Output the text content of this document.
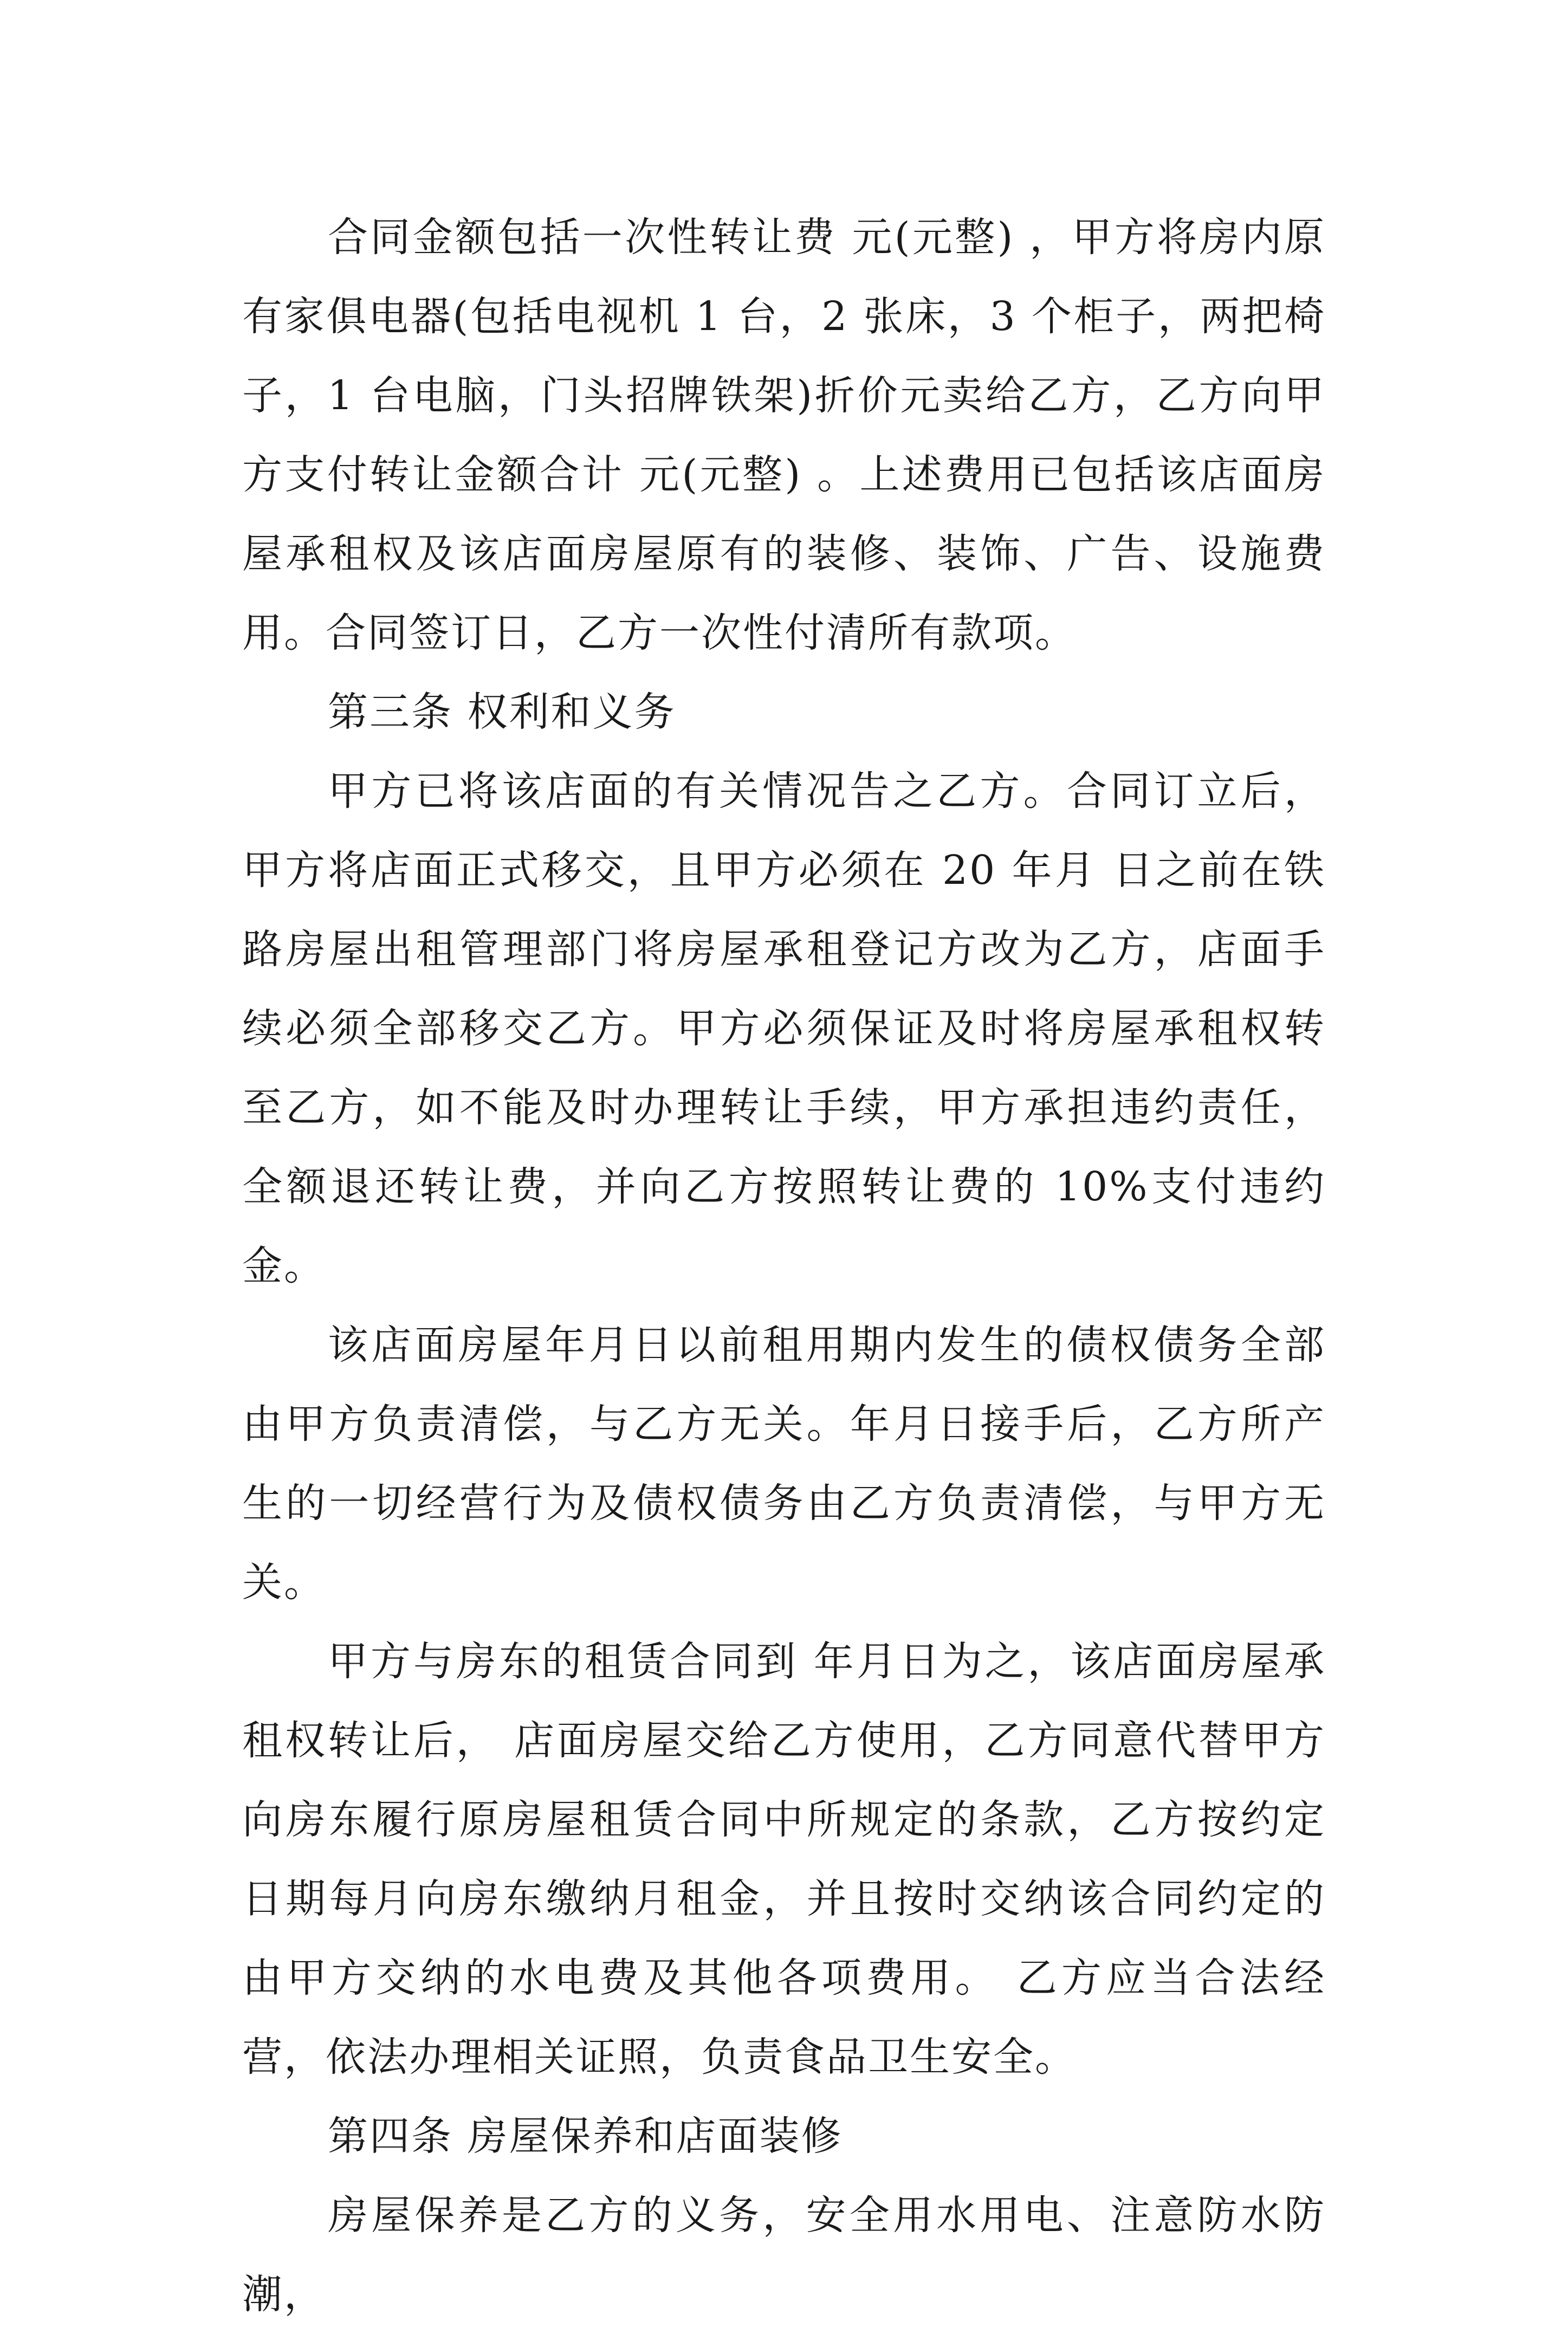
合同金额包括一次性转让费 元(元整) ，甲方将房内原有家俱电器(包括电视机 1 台，2 张床，3 个柜子，两把椅子，1 台电脑，门头招牌铁架)折价元卖给乙方，乙方向甲方支付转让金额合计 元(元整) 。上述费用已包括该店面房屋承租权及该店面房屋原有的装修、装饰、广告、设施费用。合同签订日，乙方一次性付清所有款项。

第三条 权利和义务

甲方已将该店面的有关情况告之乙方。合同订立后，甲方将店面正式移交，且甲方必须在 20 年月 日之前在铁路房屋出租管理部门将房屋承租登记方改为乙方，店面手续必须全部移交乙方。甲方必须保证及时将房屋承租权转至乙方，如不能及时办理转让手续，甲方承担违约责任，全额退还转让费，并向乙方按照转让费的 10%支付违约金。

该店面房屋年月日以前租用期内发生的债权债务全部由甲方负责清偿，与乙方无关。年月日接手后，乙方所产生的一切经营行为及债权债务由乙方负责清偿，与甲方无关。

甲方与房东的租赁合同到 年月日为之，该店面房屋承租权转让后， 店面房屋交给乙方使用，乙方同意代替甲方向房东履行原房屋租赁合同中所规定的条款，乙方按约定日期每月向房东缴纳月租金，并且按时交纳该合同约定的由甲方交纳的水电费及其他各项费用。 乙方应当合法经营，依法办理相关证照，负责食品卫生安全。

第四条 房屋保养和店面装修

房屋保养是乙方的义务，安全用水用电、注意防水防潮，
